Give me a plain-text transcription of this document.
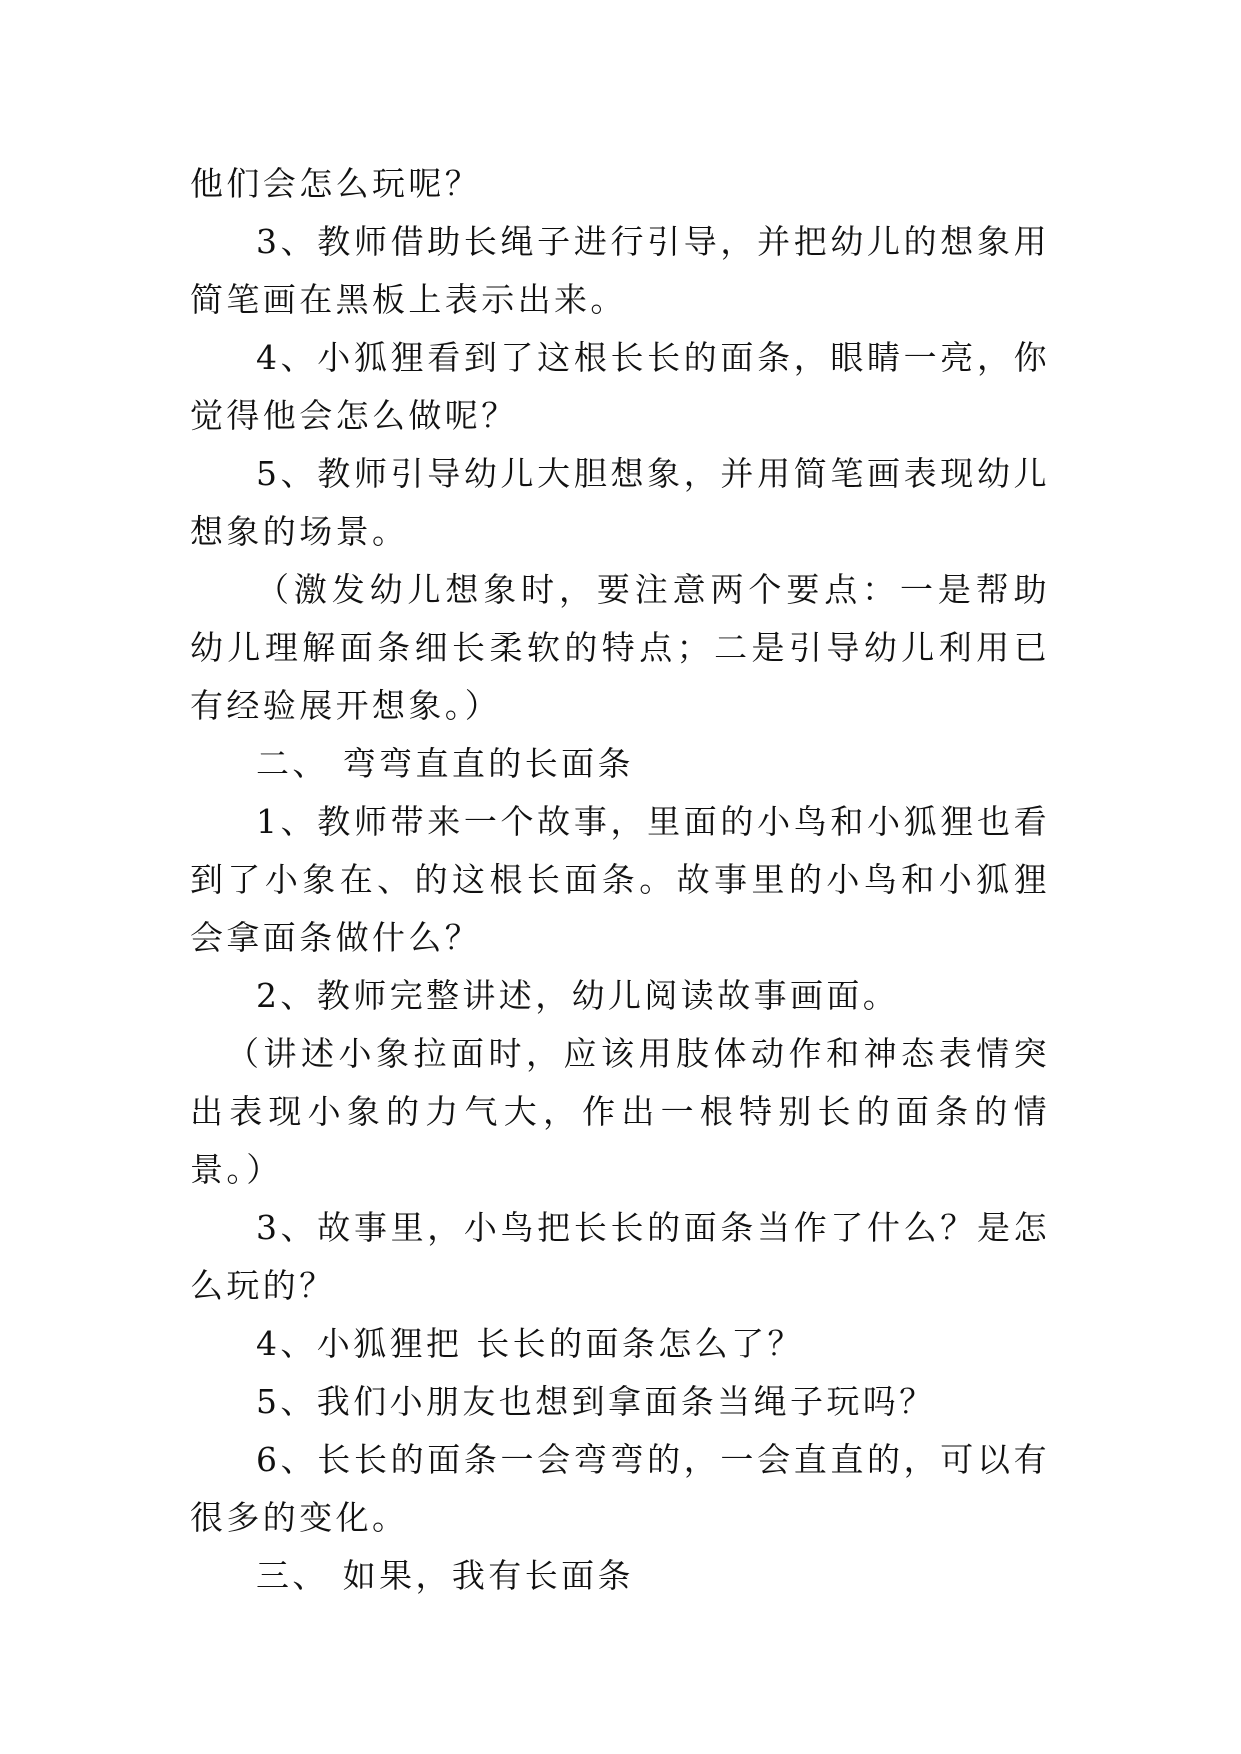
他们会怎么玩呢？

3、教师借助长绳子进行引导，并把幼儿的想象用简笔画在黑板上表示出来。

4、小狐狸看到了这根长长的面条，眼睛一亮，你觉得他会怎么做呢？

5、教师引导幼儿大胆想象，并用简笔画表现幼儿想象的场景。

（激发幼儿想象时，要注意两个要点：一是帮助幼儿理解面条细长柔软的特点；二是引导幼儿利用已有经验展开想象。）

二、 弯弯直直的长面条

1、教师带来一个故事，里面的小鸟和小狐狸也看到了小象在、的这根长面条。故事里的小鸟和小狐狸会拿面条做什么？

2、教师完整讲述，幼儿阅读故事画面。

（讲述小象拉面时，应该用肢体动作和神态表情突出表现小象的力气大，作出一根特别长的面条的情景。）

3、故事里，小鸟把长长的面条当作了什么？是怎么玩的？

4、小狐狸把 长长的面条怎么了？

5、我们小朋友也想到拿面条当绳子玩吗？

6、长长的面条一会弯弯的，一会直直的，可以有很多的变化。

三、 如果，我有长面条
